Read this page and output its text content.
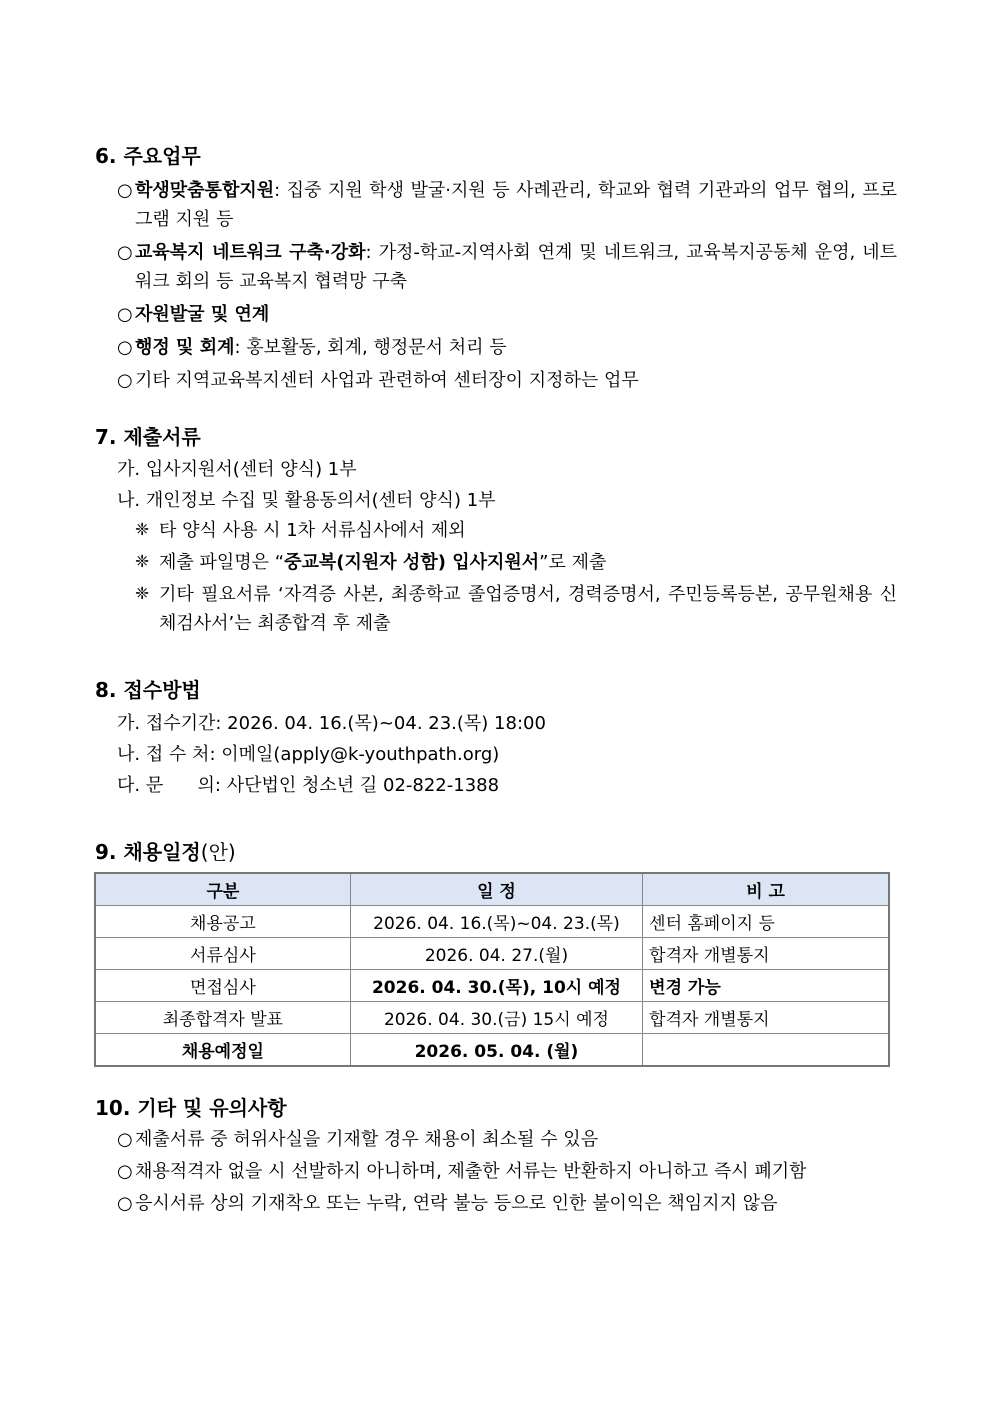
6. 주요업무
○ 학생맞춤통합지원: 집중 지원 학생 발굴·지원 등 사례관리, 학교와 협력 기관과의 업무 협의, 프로그램 지원 등
○ 교육복지 네트워크 구축·강화: 가정-학교-지역사회 연계 및 네트워크, 교육복지공동체 운영, 네트워크 회의 등 교육복지 협력망 구축
○ 자원발굴 및 연계
○ 행정 및 회계: 홍보활동, 회계, 행정문서 처리 등
○ 기타 지역교육복지센터 사업과 관련하여 센터장이 지정하는 업무
7. 제출서류
가. 입사지원서(센터 양식) 1부
나. 개인정보 수집 및 활용동의서(센터 양식) 1부
❈ 타 양식 사용 시 1차 서류심사에서 제외
❈ 제출 파일명은 “중교복(지원자 성함) 입사지원서”로 제출
❈ 기타 필요서류 ‘자격증 사본, 최종학교 졸업증명서, 경력증명서, 주민등록등본, 공무원채용 신체검사서’는 최종합격 후 제출
8. 접수방법
가. 접수기간: 2026. 04. 16.(목)~04. 23.(목) 18:00
나. 접 수 처: 이메일(apply@k-youthpath.org)
다. 문      의: 사단법인 청소년 길 02-822-1388
9. 채용일정(안)
구분	일 정	비 고
채용공고	2026. 04. 16.(목)~04. 23.(목)	센터 홈페이지 등
서류심사	2026. 04. 27.(월)	합격자 개별통지
면접심사	2026. 04. 30.(목), 10시 예정	변경 가능
최종합격자 발표	2026. 04. 30.(금) 15시 예정	합격자 개별통지
채용예정일	2026. 05. 04. (월)	
10. 기타 및 유의사항
○ 제출서류 중 허위사실을 기재할 경우 채용이 최소될 수 있음
○ 채용적격자 없을 시 선발하지 아니하며, 제출한 서류는 반환하지 아니하고 즉시 폐기함
○ 응시서류 상의 기재착오 또는 누락, 연락 불능 등으로 인한 불이익은 책임지지 않음
